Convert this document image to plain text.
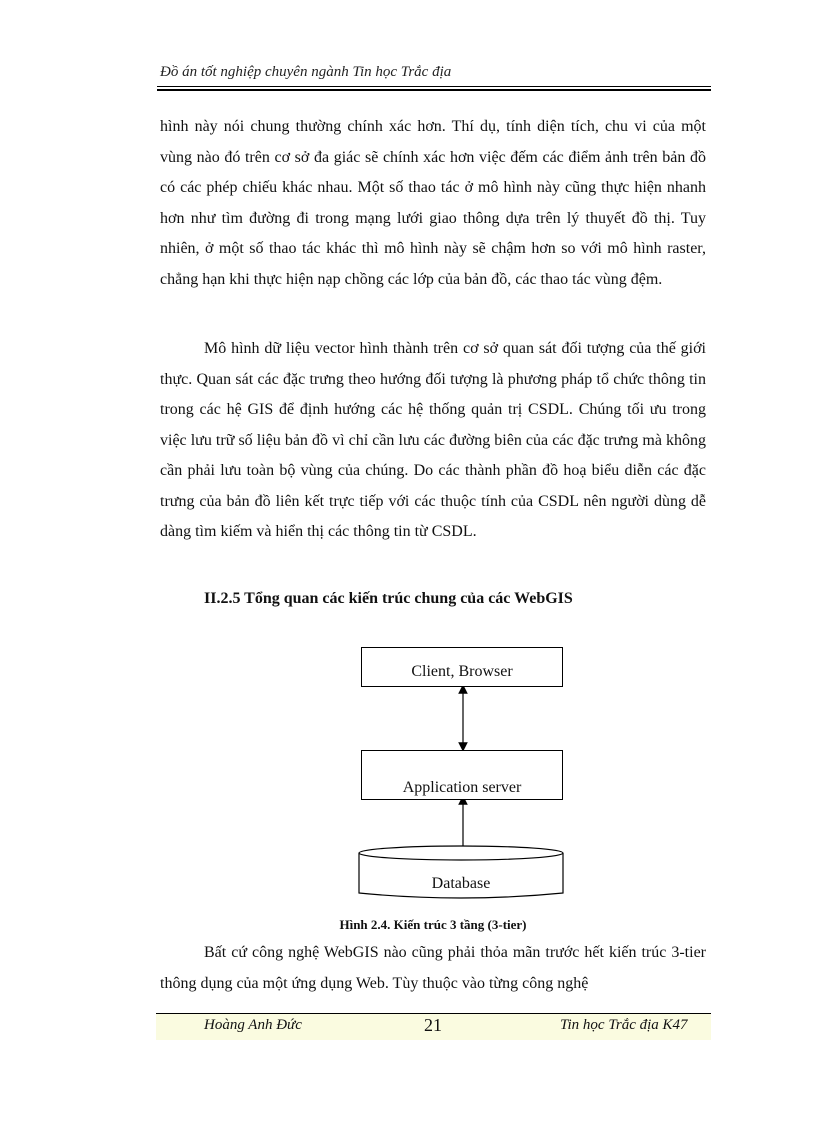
Đồ án tốt nghiệp chuyên ngành Tin học Trắc địa

hình này nói chung thường chính xác hơn. Thí dụ, tính diện tích, chu vi của một vùng nào đó trên cơ sở đa giác sẽ chính xác hơn việc đếm các điểm ảnh trên bản đồ có các phép chiếu khác nhau. Một số thao tác ở mô hình này cũng thực hiện nhanh hơn như tìm đường đi trong mạng lưới giao thông dựa trên lý thuyết đồ thị. Tuy nhiên, ở một số thao tác khác thì mô hình này sẽ chậm hơn so với mô hình raster, chẳng hạn khi thực hiện nạp chồng các lớp của bản đồ, các thao tác vùng đệm.

Mô hình dữ liệu vector hình thành trên cơ sở quan sát đối tượng của thế giới thực. Quan sát các đặc trưng theo hướng đối tượng là phương pháp tổ chức thông tin trong các hệ GIS để định hướng các hệ thống quản trị CSDL. Chúng tối ưu trong việc lưu trữ số liệu bản đồ vì chỉ cần lưu các đường biên của các đặc trưng mà không cần phải lưu toàn bộ vùng của chúng. Do các thành phần đồ hoạ biểu diễn các đặc trưng của bản đồ liên kết trực tiếp với các thuộc tính của CSDL nên người dùng dễ dàng tìm kiếm và hiển thị các thông tin từ CSDL.

II.2.5 Tổng quan các kiến trúc chung của các WebGIS

Client, Browser
Application server
Database

Hình 2.4. Kiến trúc 3 tầng (3-tier)

Bất cứ công nghệ WebGIS nào cũng phải thỏa mãn trước hết kiến trúc 3-tier thông dụng của một ứng dụng Web. Tùy thuộc vào từng công nghệ

Hoàng Anh Đức	21	Tin học Trắc địa K47
